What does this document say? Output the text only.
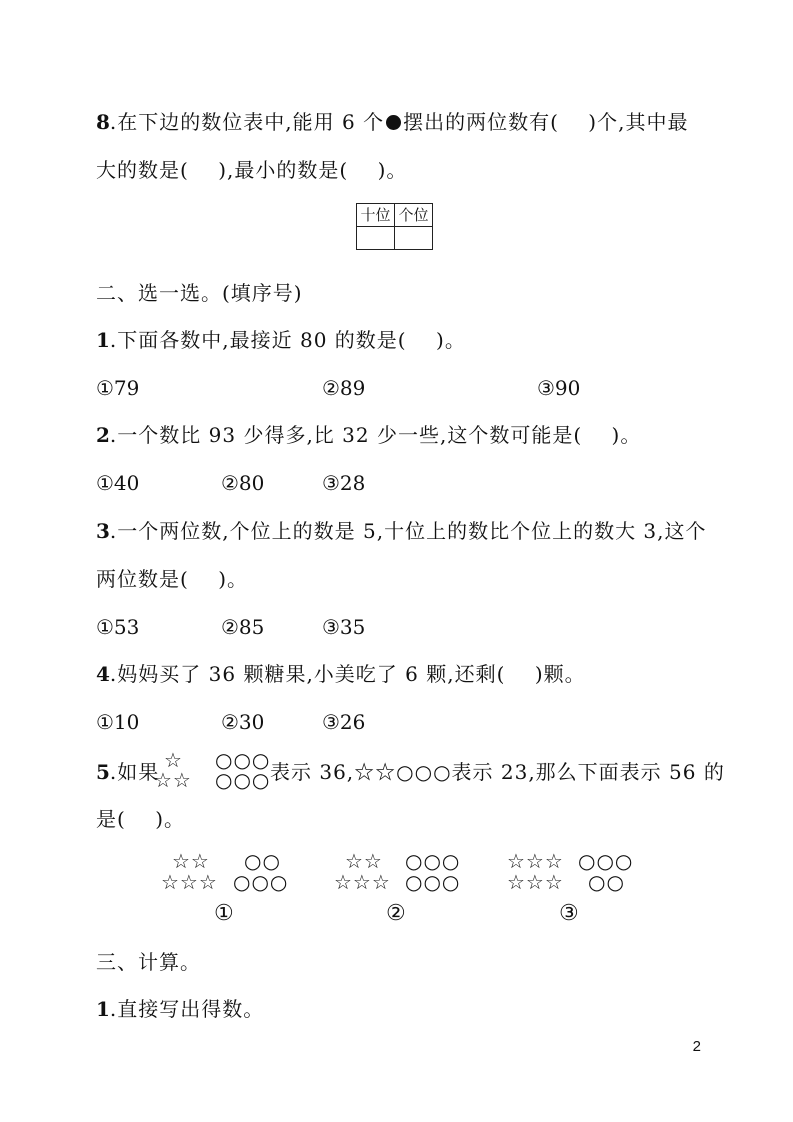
8.在下边的数位表中,能用 6 个 摆出的两位数有(    )个,其中最
大的数是(    ),最小的数是(    )。
十位	个位

二、选一选。(填序号)
1.下面各数中,最接近 80 的数是(    )。
①79	②89	③90
2.一个数比 93 少得多,比 32 少一些,这个数可能是(    )。
①40	②80	③28
3.一个两位数,个位上的数是 5,十位上的数比个位上的数大 3,这个
两位数是(    )。
①53	②85	③35
4.妈妈买了 36 颗糖果,小美吃了 6 颗,还剩(    )颗。
①10	②30	③26
5.如果 ☆
☆☆
○○○
○○○ 表示 36,☆☆○○○表示 23,那么下面表示 56 的
是(    )。
☆☆ ○○
☆☆☆ ○○○
①
☆☆ ○○○
☆☆☆ ○○○
②
☆☆☆ ○○○
☆☆☆ ○○
③
三、计算。
1.直接写出得数。
2
